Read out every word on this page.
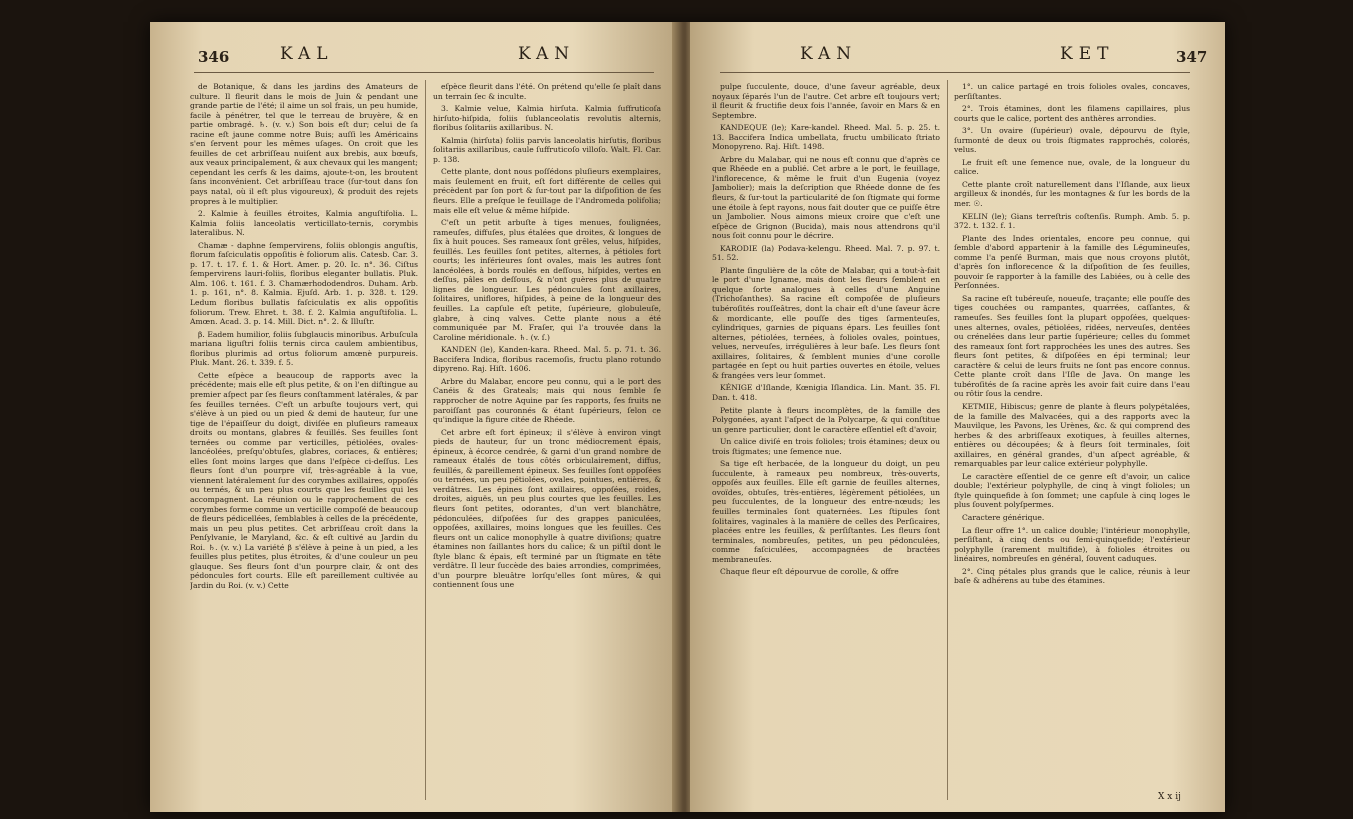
346	KAL	KAN

de Botanique, & dans les jardins des Amateurs de culture. Il fleurit dans le mois de Juin & pendant une grande partie de l'été; il aime un sol frais, un peu humide, facile à pénétrer, tel que le terreau de bruyère, & en partie ombragé. ♄. (v. v.) Son bois eſt dur; celui de ſa racine eſt jaune comme notre Buis; auſſi les Américains s'en ſervent pour les mêmes uſages. On croit que les feuilles de cet arbriſſeau nuiſent aux brebis, aux bœufs, aux veaux principalement, & aux chevaux qui les mangent; cependant les cerfs & les daims, ajoute-t-on, les broutent ſans inconvénient. Cet arbriſſeau trace (ſur-tout dans ſon pays natal, où il eſt plus vigoureux), & produit des rejets propres à le multiplier.

2. Kalmie à feuilles étroites, Kalmia anguſtifolia. L. Kalmia foliis lanceolatis verticillato-ternis, corymbis lateralibus. N.

Chamæ - daphne ſempervirens, foliis oblongis anguſtis, florum faſciculatis oppoſitis è foliorum alis. Catesb. Car. 3. p. 17. t. 17. f. 1. & Hort. Amer. p. 20. Ic. n°. 36. Ciſtus ſempervirens lauri-foliis, floribus eleganter bullatis. Pluk. Alm. 106. t. 161. f. 3. Chamærhododendros. Duham. Arb. 1. p. 161, n°. 8. Kalmia. Ejuſd. Arb. 1. p. 328. t. 129. Ledum floribus bullatis faſciculatis ex alis oppoſitis foliorum. Trew. Ehret. t. 38. f. 2. Kalmia anguſtifolia. L. Amœn. Acad. 3. p. 14. Mill. Dict. n°. 2. & Illuſtr.

β. Eadem humilior, foliis ſubglaucis minoribus. Arbuſcula mariana liguſtri foliis ternis circa caulem ambientibus, floribus plurimis ad ortus foliorum amœnè purpureis. Pluk. Mant. 26. t. 339. f. 5.

Cette eſpèce a beaucoup de rapports avec la précédente; mais elle eſt plus petite, & on l'en diſtingue au premier aſpect par ſes fleurs conſtamment latérales, & par ſes feuilles ternées. C'eſt un arbuſte toujours vert, qui s'élève à un pied ou un pied & demi de hauteur, ſur une tige de l'épaiſſeur du doigt, diviſée en pluſieurs rameaux droits ou montans, glabres & feuillés. Ses feuilles ſont ternées ou comme par verticilles, pétiolées, ovales-lancéolées, preſqu'obtuſes, glabres, coriaces, & entières; elles ſont moins larges que dans l'eſpèce ci-deſſus. Les fleurs ſont d'un pourpre vif, très-agréable à la vue, viennent latéralement ſur des corymbes axillaires, oppoſés ou ternés, & un peu plus courts que les feuilles qui les accompagnent. La réunion ou le rapprochement de ces corymbes forme comme un verticille compoſé de beaucoup de fleurs pédicellées, ſemblables à celles de la précédente, mais un peu plus petites. Cet arbriſſeau croît dans la Penſylvanie, le Maryland, &c. & eſt cultivé au Jardin du Roi. ♄. (v. v.) La variété β s'élève à peine à un pied, a les feuilles plus petites, plus étroites, & d'une couleur un peu glauque. Ses fleurs ſont d'un pourpre clair, & ont des pédoncules fort courts. Elle eſt pareillement cultivée au Jardin du Roi. (v. v.) Cette

eſpèce fleurit dans l'été. On prétend qu'elle ſe plaît dans un terrain ſec & inculte.

3. Kalmie velue, Kalmia hirſuta. Kalmia ſuffruticoſa hirſuto-hiſpida, foliis ſublanceolatis revolutis alternis, floribus ſolitariis axillaribus. N.

Kalmia (hirſuta) foliis parvis lanceolatis hirſutis, floribus ſolitariis axillaribus, caule ſuffruticoſo villoſo. Walt. Fl. Car. p. 138.

Cette plante, dont nous poſſédons pluſieurs exemplaires, mais ſeulement en fruit, eſt fort différente de celles qui précèdent par ſon port & ſur-tout par la diſpoſition de ſes fleurs. Elle a preſque le feuillage de l'Andromeda polifolia; mais elle eſt velue & même hiſpide.

C'eſt un petit arbuſte à tiges menues, foulignées, rameuſes, diffuſes, plus étalées que droites, & longues de ſix à huit pouces. Ses rameaux ſont grêles, velus, hiſpides, feuillés. Les feuilles ſont petites, alternes, à pétioles fort courts; les inférieures ſont ovales, mais les autres ſont lancéolées, à bords roulés en deſſous, hiſpides, vertes en deſſus, pâles en deſſous, & n'ont guères plus de quatre lignes de longueur. Les pédoncules ſont axillaires, ſolitaires, uniflores, hiſpides, à peine de la longueur des feuilles. La capſule eſt petite, ſupérieure, globuleuſe, glabre, à cinq valves. Cette plante nous a été communiquée par M. Fraſer, qui l'a trouvée dans la Caroline méridionale. ♄. (v. ſ.)

KANDEN (le), Kanden-kara. Rheed. Mal. 5. p. 71. t. 36. Baccifera Indica, floribus racemoſis, fructu plano rotundo dipyreno. Raj. Hiſt. 1606.

Arbre du Malabar, encore peu connu, qui a le port des Canéis & des Grateals; mais qui nous ſemble ſe rapprocher de notre Aquine par ſes rapports, ſes fruits ne paroiſſant pas couronnés & étant ſupérieurs, ſelon ce qu'indique la figure citée de Rhéede.

Cet arbre eſt fort épineux; il s'élève à environ vingt pieds de hauteur, ſur un tronc médiocrement épais, épineux, à écorce cendrée, & garni d'un grand nombre de rameaux étalés de tous côtés orbiculairement, diffus, feuillés, & pareillement épineux. Ses feuilles ſont oppoſées ou ternées, un peu pétiolées, ovales, pointues, entières, & verdâtres. Les épines ſont axillaires, oppoſées, roides, droites, aiguës, un peu plus courtes que les feuilles. Les fleurs ſont petites, odorantes, d'un vert blanchâtre, pédonculées, diſpoſées ſur des grappes paniculées, oppoſées, axillaires, moins longues que les feuilles. Ces fleurs ont un calice monophylle à quatre diviſions; quatre étamines non ſaillantes hors du calice; & un piſtil dont le ſtyle blanc & épais, eſt terminé par un ſtigmate en tête verdâtre. Il leur ſuccède des baies arrondies, comprimées, d'un pourpre bleuâtre lorſqu'elles ſont mûres, & qui contiennent ſous une

KAN	KET	347

pulpe ſucculente, douce, d'une ſaveur agréable, deux noyaux ſéparés l'un de l'autre. Cet arbre eſt toujours vert; il fleurit & fructifie deux fois l'année, ſavoir en Mars & en Septembre.

KANDEQUE (le); Kare-kandel. Rheed. Mal. 5. p. 25. t. 13. Baccifera Indica umbellata, fructu umbilicato ſtriato Monopyreno. Raj. Hiſt. 1498.

Arbre du Malabar, qui ne nous eſt connu que d'après ce que Rhéede en a publié. Cet arbre a le port, le feuillage, l'inflorecence, & même le fruit d'un Eugenia (voyez Jambolier); mais la deſcription que Rhéede donne de ſes fleurs, & ſur-tout la particularité de ſon ſtigmate qui forme une étoile à ſept rayons, nous fait douter que ce puiſſe être un Jambolier. Nous aimons mieux croire que c'eſt une eſpèce de Grignon (Bucida), mais nous attendrons qu'il nous ſoit connu pour le décrire.

KARODIE (la) Podava-kelengu. Rheed. Mal. 7. p. 97. t. 51. 52.

Plante ſingulière de la côte de Malabar, qui a tout-à-fait le port d'une Igname, mais dont les fleurs ſemblent en quelque ſorte analogues à celles d'une Anguine (Trichoſanthes). Sa racine eſt compoſée de pluſieurs tubéroſités rouſſeâtres, dont la chair eſt d'une ſaveur âcre & mordicante, elle pouſſe des tiges ſarmenteuſes, cylindriques, garnies de piquans épars. Les feuilles ſont alternes, pétiolées, ternées, à folioles ovales, pointues, velues, nerveuſes, irrégulières à leur baſe. Les fleurs ſont axillaires, ſolitaires, & ſemblent munies d'une corolle partagée en ſept ou huit parties ouvertes en étoile, velues & frangées vers leur ſommet.

KÉNIGE d'Iſlande, Kœnigia Iſlandica. Lin. Mant. 35. Fl. Dan. t. 418.

Petite plante à fleurs incomplètes, de la famille des Polygonées, ayant l'aſpect de la Polycarpe, & qui conſtitue un genre particulier, dont le caractère eſſentiel eſt d'avoir,

Un calice diviſé en trois folioles; trois étamines; deux ou trois ſtigmates; une ſemence nue.

Sa tige eſt herbacée, de la longueur du doigt, un peu ſucculente, à rameaux peu nombreux, très-ouverts, oppoſés aux feuilles. Elle eſt garnie de feuilles alternes, ovoïdes, obtuſes, très-entières, légèrement pétiolées, un peu ſucculentes, de la longueur des entre-nœuds; les feuilles terminales ſont quaternées. Les ſtipules ſont ſolitaires, vaginales à la manière de celles des Perſicaires, placées entre les feuilles, & perſiſtantes. Les fleurs ſont terminales, nombreuſes, petites, un peu pédonculées, comme faſciculées, accompagnées de bractées membraneuſes.

Chaque fleur eſt dépourvue de corolle, & offre

1°. un calice partagé en trois folioles ovales, concaves, perſiſtantes.

2°. Trois étamines, dont les filamens capillaires, plus courts que le calice, portent des anthères arrondies.

3°. Un ovaire (ſupérieur) ovale, dépourvu de ſtyle, ſurmonté de deux ou trois ſtigmates rapprochés, colorés, velus.

Le fruit eſt une ſemence nue, ovale, de la longueur du calice.

Cette plante croît naturellement dans l'Iſlande, aux lieux argilleux & inondés, ſur les montagnes & ſur les bords de la mer. ☉.

KELIN (le); Gians terreſtris coſtenſis. Rumph. Amb. 5. p. 372. t. 132. f. 1.

Plante des Indes orientales, encore peu connue, qui ſemble d'abord appartenir à la famille des Légumineuſes, comme l'a penſé Burman, mais que nous croyons plutôt, d'après ſon inflorecence & la diſpoſition de ſes feuilles, pouvoir ſe rapporter à la famille des Labiées, ou à celle des Perſonnées.

Sa racine eſt tubéreuſe, noueuſe, traçante; elle pouſſe des tiges couchées ou rampantes, quarrées, caſſantes, & rameuſes. Ses feuilles ſont la plupart oppoſées, quelques-unes alternes, ovales, pétiolées, ridées, nerveuſes, dentées ou crénelées dans leur partie ſupérieure; celles du ſommet des rameaux ſont fort rapprochées les unes des autres. Ses fleurs ſont petites, & diſpoſées en épi terminal; leur caractère & celui de leurs fruits ne ſont pas encore connus. Cette plante croît dans l'Iſle de Java. On mange les tubéroſités de ſa racine après les avoir fait cuire dans l'eau ou rôtir ſous la cendre.

KETMIE, Hibiscus; genre de plante à fleurs polypétalées, de la famille des Malvacées, qui a des rapports avec la Mauvilque, les Pavons, les Urènes, &c. & qui comprend des herbes & des arbriſſeaux exotiques, à feuilles alternes, entières ou découpées; & à fleurs ſoit terminales, ſoit axillaires, en général grandes, d'un aſpect agréable, & remarquables par leur calice extérieur polyphylle.

Le caractère eſſentiel de ce genre eſt d'avoir, un calice double; l'extérieur polyphylle, de cinq à vingt folioles; un ſtyle quinquefide à ſon ſommet; une capſule à cinq loges le plus ſouvent polyſpermes.

Caractere générique.

La fleur offre 1°. un calice double; l'intérieur monophylle, perſiſtant, à cinq dents ou ſemi-quinquefide; l'extérieur polyphylle (rarement multifide), à folioles étroites ou linéaires, nombreuſes en général, ſouvent caduques.

2°. Cinq pétales plus grands que le calice, réunis à leur baſe & adhérens au tube des étamines.

X x ij
